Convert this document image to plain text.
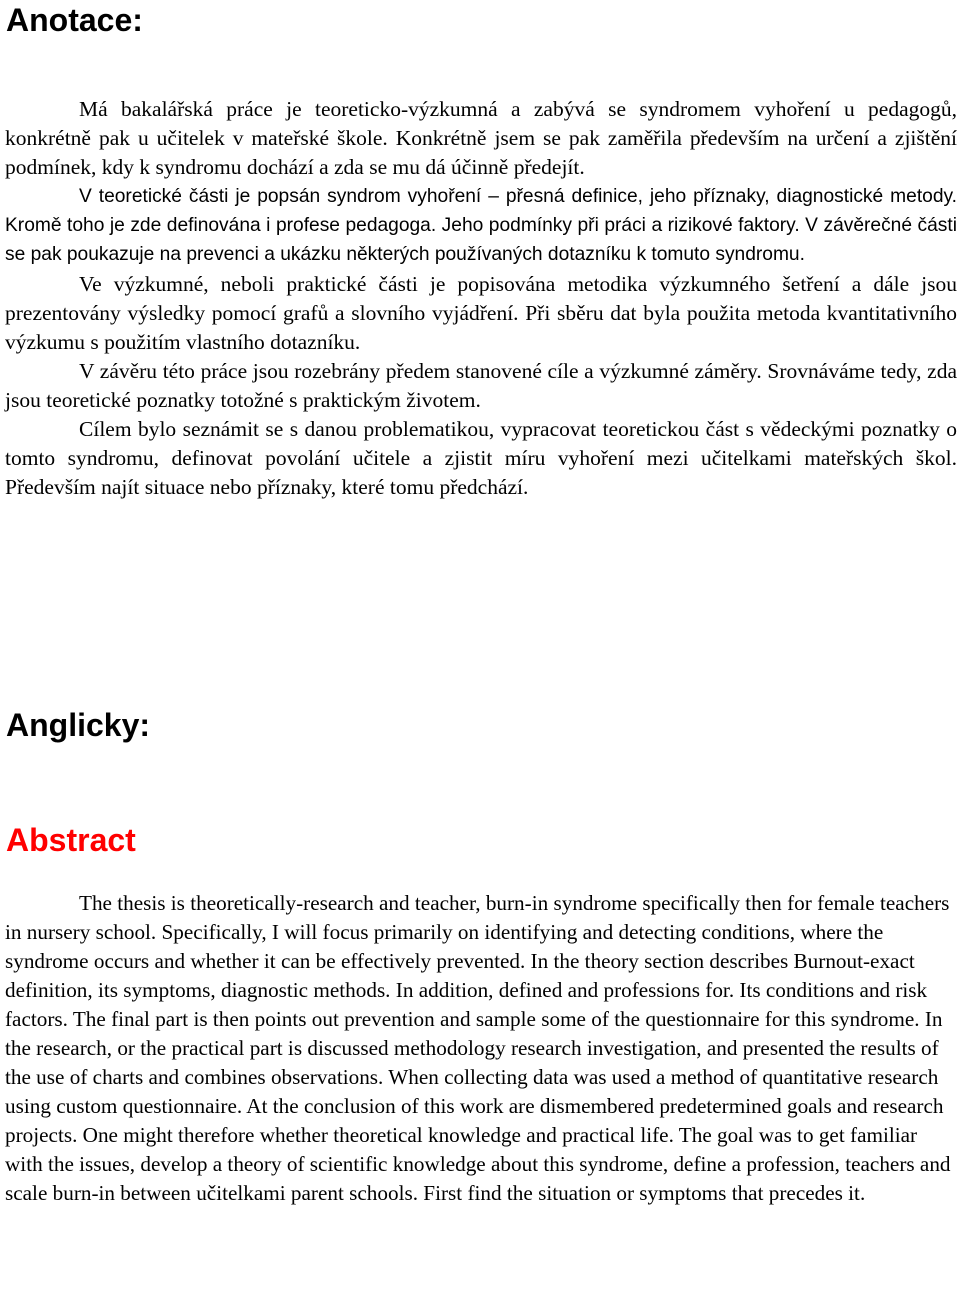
Anotace:

Má bakalářská práce je teoreticko-výzkumná a zabývá se syndromem vyhoření u pedagogů, konkrétně pak u učitelek v mateřské škole. Konkrétně jsem se pak zaměřila především na určení a zjištění podmínek, kdy k syndromu dochází a zda se mu dá účinně předejít.

V teoretické části je popsán syndrom vyhoření – přesná definice, jeho příznaky, diagnostické metody. Kromě toho je zde definována i profese pedagoga. Jeho podmínky při práci a rizikové faktory. V závěrečné části se pak poukazuje na prevenci a ukázku některých používaných dotazníku k tomuto syndromu.

Ve výzkumné, neboli praktické části je popisována metodika výzkumného šetření a dále jsou prezentovány výsledky pomocí grafů a slovního vyjádření. Při sběru dat byla použita metoda kvantitativního výzkumu s použitím vlastního dotazníku.

V závěru této práce jsou rozebrány předem stanovené cíle a výzkumné záměry. Srovnáváme tedy, zda jsou teoretické poznatky totožné s praktickým životem.

Cílem bylo seznámit se s danou problematikou, vypracovat teoretickou část s vědeckými poznatky o tomto syndromu, definovat povolání učitele a zjistit míru vyhoření mezi učitelkami mateřských škol. Především najít situace nebo příznaky, které tomu předchází.

Anglicky:
Abstract

The thesis is theoretically-research and teacher, burn-in syndrome specifically then for female teachers in nursery school. Specifically, I will focus primarily on identifying and detecting conditions, where the syndrome occurs and whether it can be effectively prevented. In the theory section describes Burnout-exact definition, its symptoms, diagnostic methods. In addition, defined and professions for. Its conditions and risk factors. The final part is then points out prevention and sample some of the questionnaire for this syndrome. In the research, or the practical part is discussed methodology research investigation, and presented the results of the use of charts and combines observations. When collecting data was used a method of quantitative research using custom questionnaire. At the conclusion of this work are dismembered predetermined goals and research projects. One might therefore whether theoretical knowledge and practical life. The goal was to get familiar with the issues, develop a theory of scientific knowledge about this syndrome, define a profession, teachers and scale burn-in between učitelkami parent schools. First find the situation or symptoms that precedes it.
